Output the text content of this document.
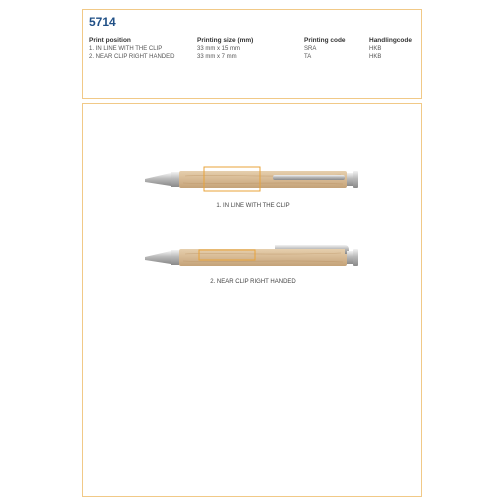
5714
Print position
1. IN LINE WITH THE CLIP
2. NEAR CLIP RIGHT HANDED
Printing size (mm)
33 mm x 15 mm
33 mm x 7 mm
Printing code
SRA
TA
Handlingcode
HKB
HKB
1. IN LINE WITH THE CLIP
2. NEAR CLIP RIGHT HANDED
